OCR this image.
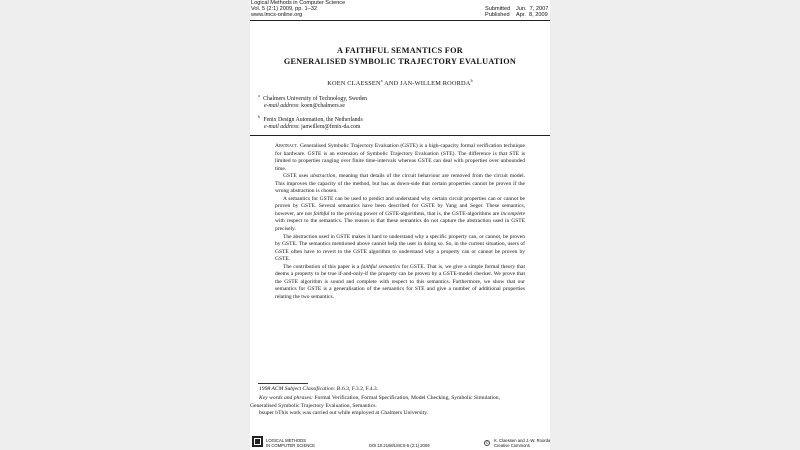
Logical Methods in Computer Science
Vol. 5 (2:1) 2009, pp. 1–32
www.lmcs-online.org
Submitted Jun.  7, 2007
Published Apr.  8, 2009
A FAITHFUL SEMANTICS FOR
GENERALISED SYMBOLIC TRAJECTORY EVALUATION
KOEN CLAESSEN$^a$ AND JAN-WILLEM ROORDA$^b$
$^a$ Chalmers University of Technology, Sweden
e-mail address: koen@chalmers.se
$^b$ Fenix Design Automation, the Netherlands
e-mail address: janwillem@fenix-da.com

Abstract. Generalised Symbolic Trajectory Evaluation (GSTE) is a high-capacity formal verification technique for hardware. GSTE is an extension of Symbolic Trajectory Evaluation (STE). The difference is that STE is limited to properties ranging over finite time-intervals whereas GSTE can deal with properties over unbounded time.

GSTE uses abstraction, meaning that details of the circuit behaviour are removed from the circuit model. This improves the capacity of the method, but has as down-side that certain properties cannot be proven if the wrong abstraction is chosen.

A semantics for GSTE can be used to predict and understand why certain circuit properties can or cannot be proven by GSTE. Several semantics have been described for GSTE by Yang and Seger. These semantics, however, are not faithful to the proving power of GSTE-algorithms, that is, the GSTE-algorithms are incomplete with respect to the semantics. The reason is that these semantics do not capture the abstraction used in GSTE precisely.

The abstraction used in GSTE makes it hard to understand why a specific property can, or cannot, be proven by GSTE. The semantics mentioned above cannot help the user in doing so. So, in the current situation, users of GSTE often have to revert to the GSTE algorithm to understand why a property can or cannot be proven by GSTE.

The contribution of this paper is a faithful semantics for GSTE. That is, we give a simple formal theory that deems a property to be true if-and-only-if the property can be proven by a GSTE-model checker. We prove that the GSTE algorithm is sound and complete with respect to this semantics. Furthermore, we show that our semantics for GSTE is a generalisation of the semantics for STE and give a number of additional properties relating the two semantics.

1998 ACM Subject Classification: B.6.3, F.3.2, F.4.3.
Key words and phrases: Formal Verification, Formal Specification, Model Checking, Symbolic Simulation,
Generalised Symbolic Trajectory Evaluation, Semantics.
bsuper bThis work was carried out while employed at Chalmers University.
LOGICAL METHODS
IN COMPUTER SCIENCE	DOI:10.2168/LMCS-5 (2:1) 2009	© K. Claessen and J.-W. Roorda
Creative Commons
